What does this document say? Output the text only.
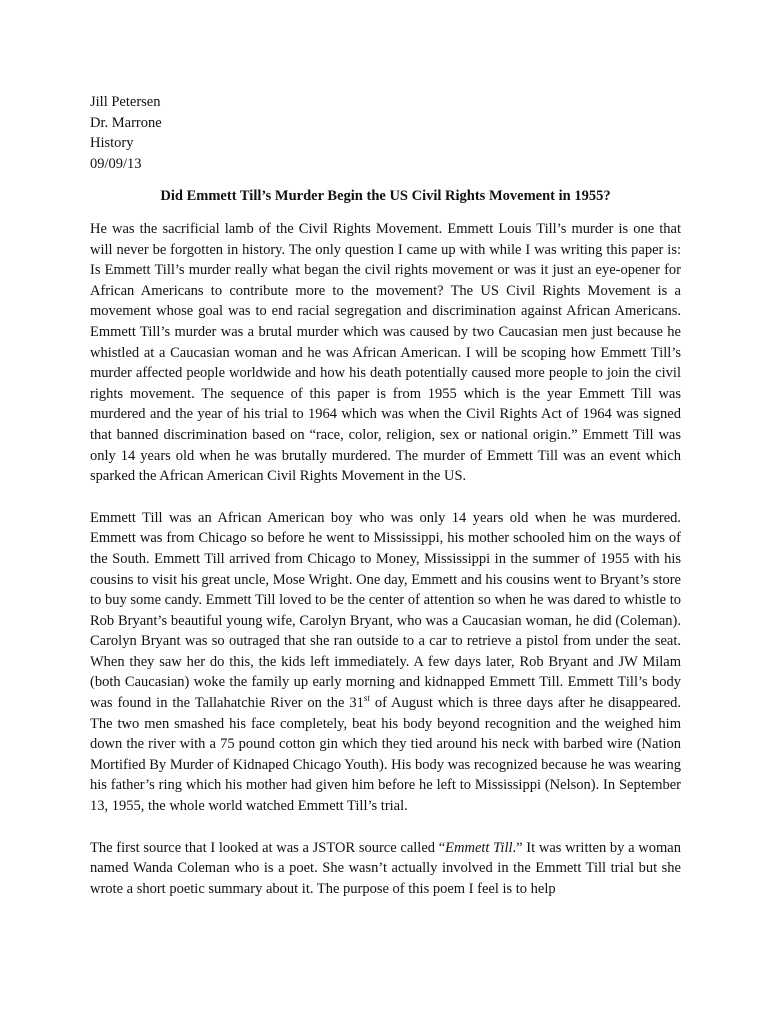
Jill Petersen
Dr. Marrone
History
09/09/13
Did Emmett Till’s Murder Begin the US Civil Rights Movement in 1955?

He was the sacrificial lamb of the Civil Rights Movement. Emmett Louis Till’s murder is one that will never be forgotten in history. The only question I came up with while I was writing this paper is: Is Emmett Till’s murder really what began the civil rights movement or was it just an eye-opener for African Americans to contribute more to the movement? The US Civil Rights Movement is a movement whose goal was to end racial segregation and discrimination against African Americans. Emmett Till’s murder was a brutal murder which was caused by two Caucasian men just because he whistled at a Caucasian woman and he was African American. I will be scoping how Emmett Till’s murder affected people worldwide and how his death potentially caused more people to join the civil rights movement. The sequence of this paper is from 1955 which is the year Emmett Till was murdered and the year of his trial to 1964 which was when the Civil Rights Act of 1964 was signed that banned discrimination based on “race, color, religion, sex or national origin.” Emmett Till was only 14 years old when he was brutally murdered. The murder of Emmett Till was an event which sparked the African American Civil Rights Movement in the US.

Emmett Till was an African American boy who was only 14 years old when he was murdered. Emmett was from Chicago so before he went to Mississippi, his mother schooled him on the ways of the South. Emmett Till arrived from Chicago to Money, Mississippi in the summer of 1955 with his cousins to visit his great uncle, Mose Wright. One day, Emmett and his cousins went to Bryant’s store to buy some candy. Emmett Till loved to be the center of attention so when he was dared to whistle to Rob Bryant’s beautiful young wife, Carolyn Bryant, who was a Caucasian woman, he did (Coleman). Carolyn Bryant was so outraged that she ran outside to a car to retrieve a pistol from under the seat. When they saw her do this, the kids left immediately. A few days later, Rob Bryant and JW Milam (both Caucasian) woke the family up early morning and kidnapped Emmett Till. Emmett Till’s body was found in the Tallahatchie River on the 31st of August which is three days after he disappeared. The two men smashed his face completely, beat his body beyond recognition and the weighed him down the river with a 75 pound cotton gin which they tied around his neck with barbed wire (Nation Mortified By Murder of Kidnaped Chicago Youth). His body was recognized because he was wearing his father’s ring which his mother had given him before he left to Mississippi (Nelson). In September 13, 1955, the whole world watched Emmett Till’s trial.

The first source that I looked at was a JSTOR source called “Emmett Till.” It was written by a woman named Wanda Coleman who is a poet. She wasn’t actually involved in the Emmett Till trial but she wrote a short poetic summary about it. The purpose of this poem I feel is to help
